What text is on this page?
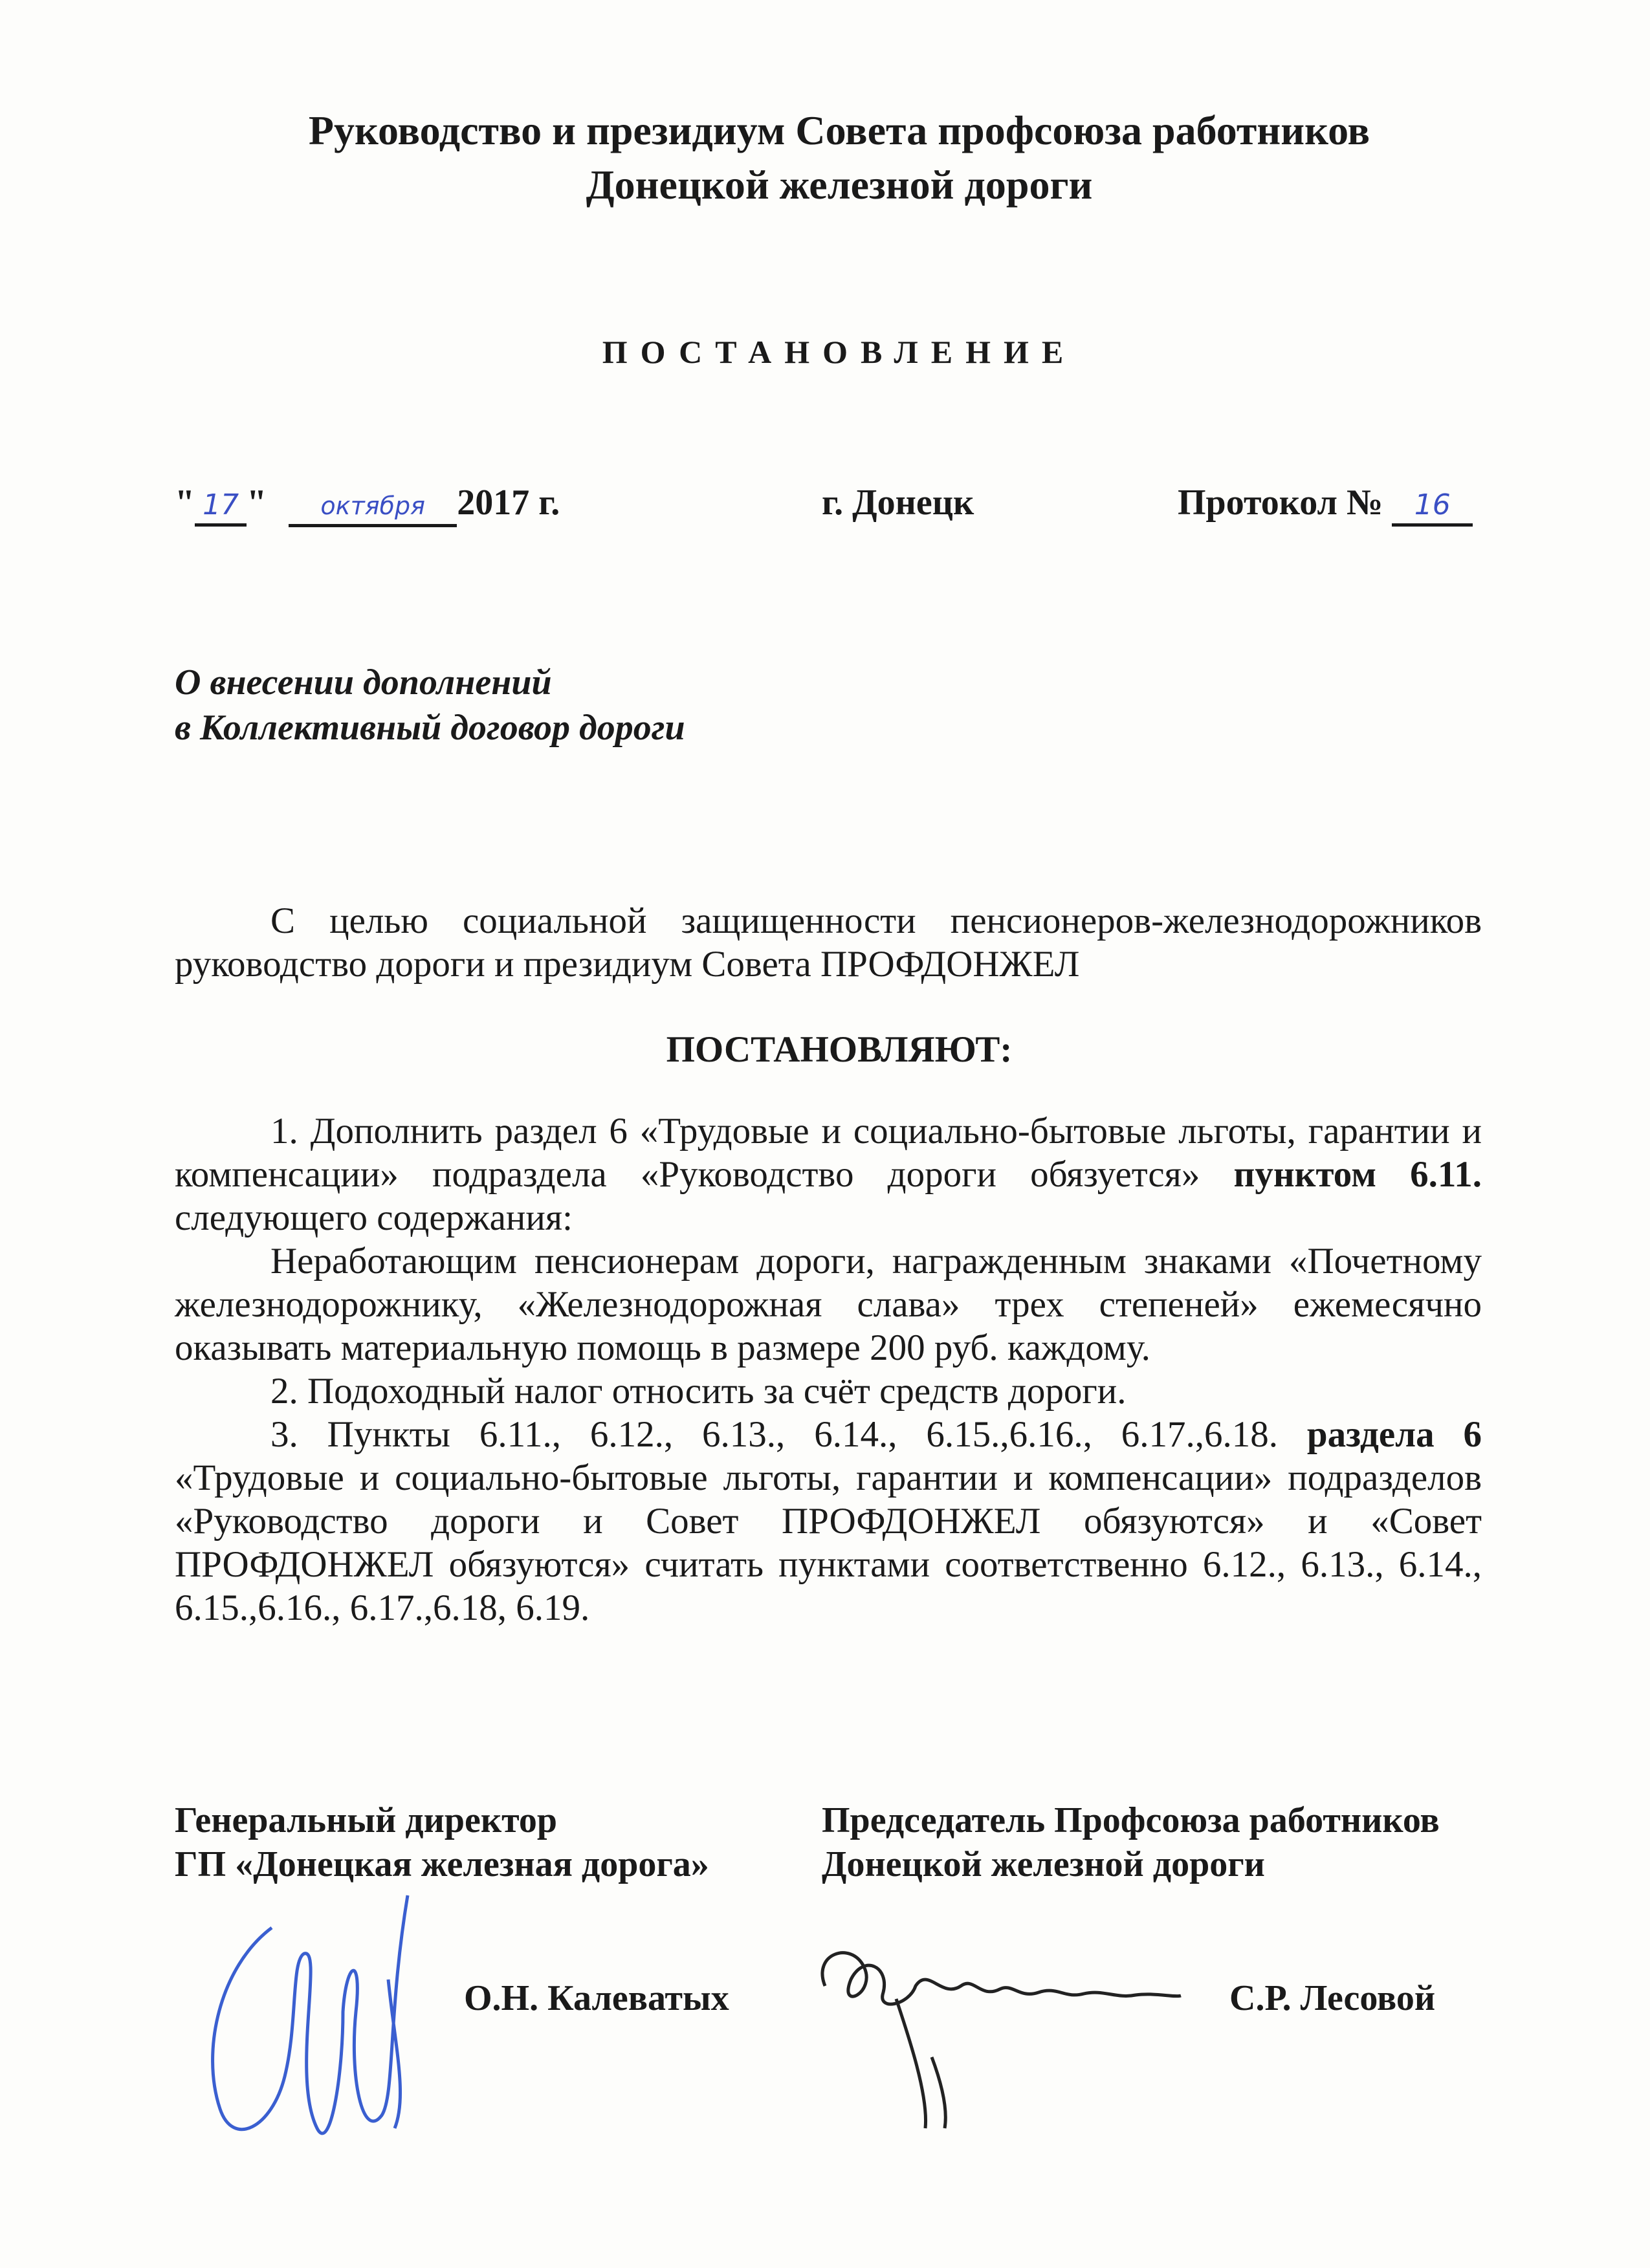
Руководство и президиум Совета профсоюза работников
Донецкой железной дороги
ПОСТАНОВЛЕНИЕ
" 17 " октября 2017 г.	г. Донецк	Протокол № 16
О внесении дополнений
в Коллективный договор дороги

С целью социальной защищенности пенсионеров-железнодорожников руководство дороги и президиум Совета ПРОФДОНЖЕЛ

ПОСТАНОВЛЯЮТ:

1. Дополнить раздел 6 «Трудовые и социально-бытовые льготы, гарантии и компенсации» подраздела «Руководство дороги обязуется» пунктом 6.11. следующего содержания:

Неработающим пенсионерам дороги, награжденным знаками «Почетному железнодорожнику, «Железнодорожная слава» трех степеней» ежемесячно оказывать материальную помощь в размере 200 руб. каждому.

2. Подоходный налог относить за счёт средств дороги.

3. Пункты 6.11., 6.12., 6.13., 6.14., 6.15.,6.16., 6.17.,6.18. раздела 6 «Трудовые и социально-бытовые льготы, гарантии и компенсации» подразделов «Руководство дороги и Совет ПРОФДОНЖЕЛ обязуются» и «Совет ПРОФДОНЖЕЛ обязуются» считать пунктами соответственно 6.12., 6.13., 6.14., 6.15.,6.16., 6.17.,6.18, 6.19.

Генеральный директор
ГП «Донецкая железная дорога»
Председатель Профсоюза работников
Донецкой железной дороги
О.Н. Калеватых	С.Р. Лесовой
